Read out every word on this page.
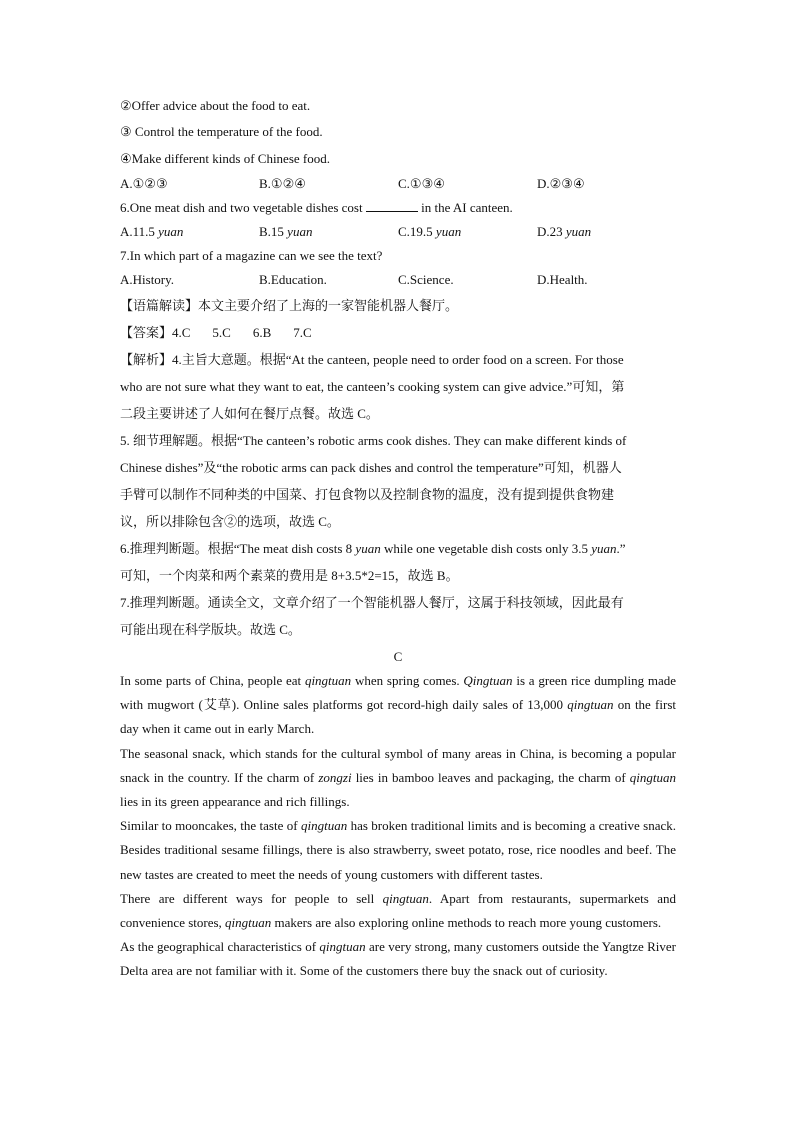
②Offer advice about the food to eat.
③ Control the temperature of the food.
④Make different kinds of Chinese food.
A.①②③	B.①②④	C.①③④	D.②③④
6.One meat dish and two vegetable dishes cost	in the AI canteen.
A.11.5 yuan	B.15 yuan	C.19.5 yuan	D.23 yuan
7.In which part of a magazine can we see the text?
A.History.	B.Education.	C.Science.	D.Health.
【语篇解读】本文主要介绍了上海的一家智能机器人餐厅。
【答案】4.C 5.C 6.B 7.C
【解析】4.主旨大意题。根据“At the canteen, people need to order food on a screen. For those
who are not sure what they want to eat, the canteen’s cooking system can give advice.”可知，第
二段主要讲述了人如何在餐厅点餐。故选 C。
5. 细节理解题。根据“The canteen’s robotic arms cook dishes. They can make different kinds of
Chinese dishes”及“the robotic arms can pack dishes and control the temperature”可知，机器人
手臂可以制作不同种类的中国菜、打包食物以及控制食物的温度，没有提到提供食物建
议，所以排除包含②的选项，故选 C。
6.推理判断题。根据“The meat dish costs 8 yuan while one vegetable dish costs only 3.5 yuan.”
可知，一个肉菜和两个素菜的费用是 8+3.5*2=15，故选 B。
7.推理判断题。通读全文，文章介绍了一个智能机器人餐厅，这属于科技领域，因此最有
可能出现在科学版块。故选 C。
C
In some parts of China, people eat qingtuan when spring comes. Qingtuan is a green rice dumpling made with mugwort (艾草). Online sales platforms got record-high daily sales of 13,000 qingtuan on the first day when it came out in early March.
The seasonal snack, which stands for the cultural symbol of many areas in China, is becoming a popular snack in the country. If the charm of zongzi lies in bamboo leaves and packaging, the charm of qingtuan lies in its green appearance and rich fillings.
Similar to mooncakes, the taste of qingtuan has broken traditional limits and is becoming a creative snack. Besides traditional sesame fillings, there is also strawberry, sweet potato, rose, rice noodles and beef. The new tastes are created to meet the needs of young customers with different tastes.
There are different ways for people to sell qingtuan. Apart from restaurants, supermarkets and convenience stores, qingtuan makers are also exploring online methods to reach more young customers.
As the geographical characteristics of qingtuan are very strong, many customers outside the Yangtze River Delta area are not familiar with it. Some of the customers there buy the snack out of curiosity.
